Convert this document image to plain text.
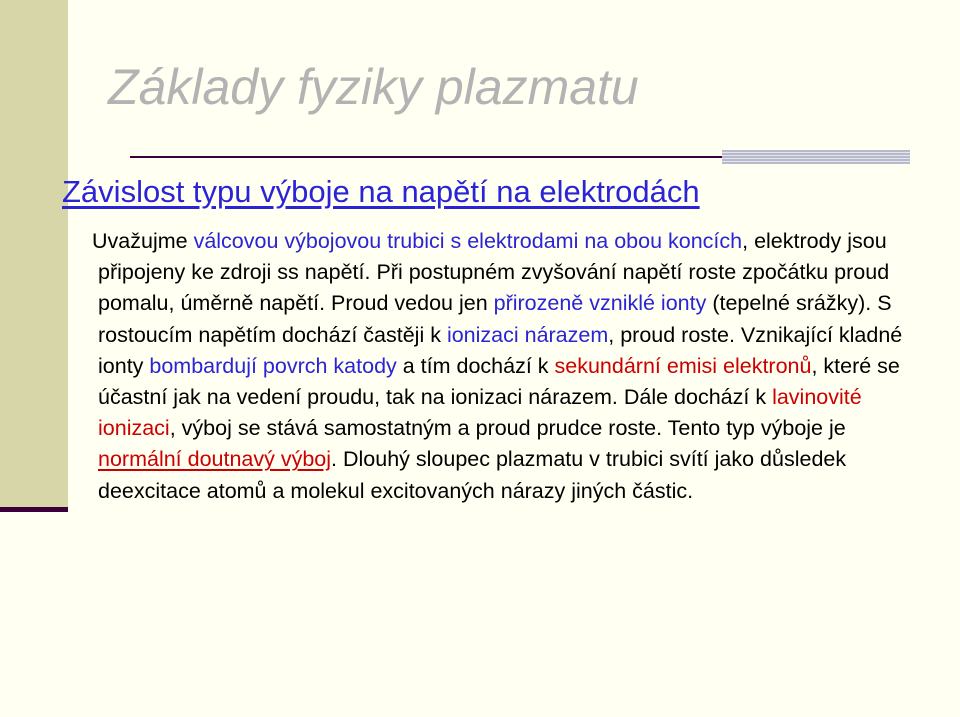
Základy fyziky plazmatu
Závislost typu výboje na napětí na elektrodách

Uvažujme válcovou výbojovou trubici s elektrodami na obou koncích, elektrody jsou připojeny ke zdroji ss napětí. Při postupném zvyšování napětí roste zpočátku proud pomalu, úměrně napětí. Proud vedou jen přirozeně vzniklé ionty (tepelné srážky). S rostoucím napětím dochází častěji k ionizaci nárazem, proud roste. Vznikající kladné ionty bombardují povrch katody a tím dochází k sekundární emisi elektronů, které se účastní jak na vedení proudu, tak na ionizaci nárazem. Dále dochází k lavinovité ionizaci, výboj se stává samostatným a proud prudce roste. Tento typ výboje je normální doutnavý výboj. Dlouhý sloupec plazmatu v trubici svítí jako důsledek deexcitace atomů a molekul excitovaných nárazy jiných částic.
